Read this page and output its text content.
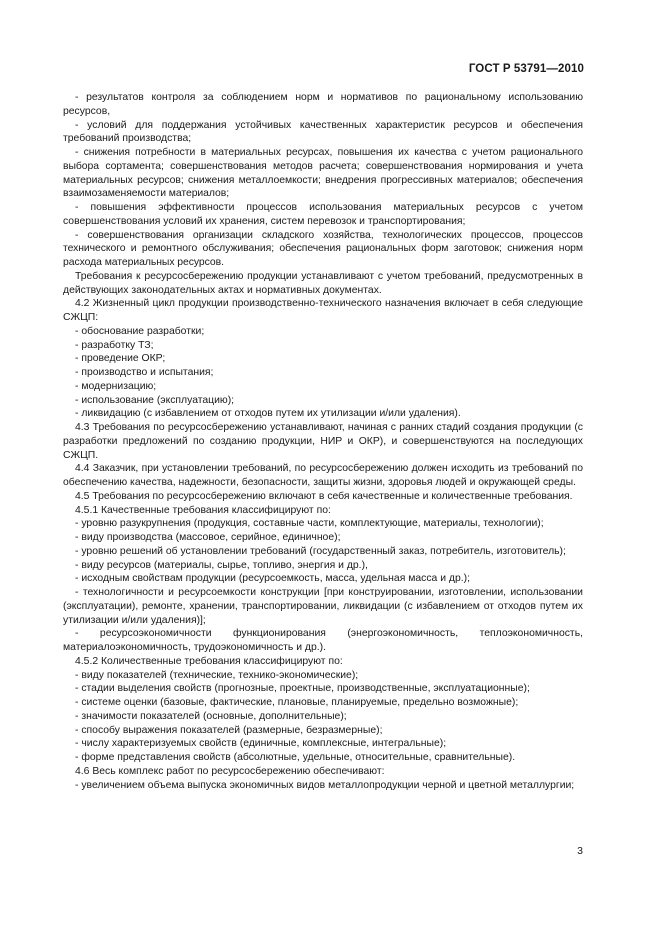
ГОСТ Р 53791—2010

- результатов контроля за соблюдением норм и нормативов по рациональному использованию ресурсов,

- условий для поддержания устойчивых качественных характеристик ресурсов и обеспечения требований производства;

- снижения потребности в материальных ресурсах, повышения их качества с учетом рационального выбора сортамента; совершенствования методов расчета; совершенствования нормирования и учета материальных ресурсов; снижения металлоемкости; внедрения прогрессивных материалов; обеспечения взаимозаменяемости материалов;

- повышения эффективности процессов использования материальных ресурсов с учетом совершенствования условий их хранения, систем перевозок и транспортирования;

- совершенствования организации складского хозяйства, технологических процессов, процессов технического и ремонтного обслуживания; обеспечения рациональных форм заготовок; снижения норм расхода материальных ресурсов.

Требования к ресурсосбережению продукции устанавливают с учетом требований, предусмотренных в действующих законодательных актах и нормативных документах.

4.2 Жизненный цикл продукции производственно-технического назначения включает в себя следующие СЖЦП:

- обоснование разработки;

- разработку ТЗ;

- проведение ОКР;

- производство и испытания;

- модернизацию;

- использование (эксплуатацию);

- ликвидацию (с избавлением от отходов путем их утилизации и/или удаления).

4.3 Требования по ресурсосбережению устанавливают, начиная с ранних стадий создания продукции (с разработки предложений по созданию продукции, НИР и ОКР), и совершенствуются на последующих СЖЦП.

4.4 Заказчик, при установлении требований, по ресурсосбережению должен исходить из требований по обеспечению качества, надежности, безопасности, защиты жизни, здоровья людей и окружающей среды.

4.5 Требования по ресурсосбережению включают в себя качественные и количественные требования.

4.5.1 Качественные требования классифицируют по:

- уровню разукрупнения (продукция, составные части, комплектующие, материалы, технологии);

- виду производства (массовое, серийное, единичное);

- уровню решений об установлении требований (государственный заказ, потребитель, изготовитель);

- виду ресурсов (материалы, сырье, топливо, энергия и др.),

- исходным свойствам продукции (ресурсоемкость, масса, удельная масса и др.);

- технологичности и ресурсоемкости конструкции [при конструировании, изготовлении, использовании (эксплуатации), ремонте, хранении, транспортировании, ликвидации (с избавлением от отходов путем их утилизации и/или удаления)];

- ресурсоэкономичности функционирования (энергоэкономичность, теплоэкономичность, материалоэкономичность, трудоэкономичность и др.).

4.5.2 Количественные требования классифицируют по:

- виду показателей (технические, технико-экономические);

- стадии выделения свойств (прогнозные, проектные, производственные, эксплуатационные);

- системе оценки (базовые, фактические, плановые, планируемые, предельно возможные);

- значимости показателей (основные, дополнительные);

- способу выражения показателей (размерные, безразмерные);

- числу характеризуемых свойств (единичные, комплексные, интегральные);

- форме представления свойств (абсолютные, удельные, относительные, сравнительные).

4.6 Весь комплекс работ по ресурсосбережению обеспечивают:

- увеличением объема выпуска экономичных видов металлопродукции черной и цветной металлургии;

3
